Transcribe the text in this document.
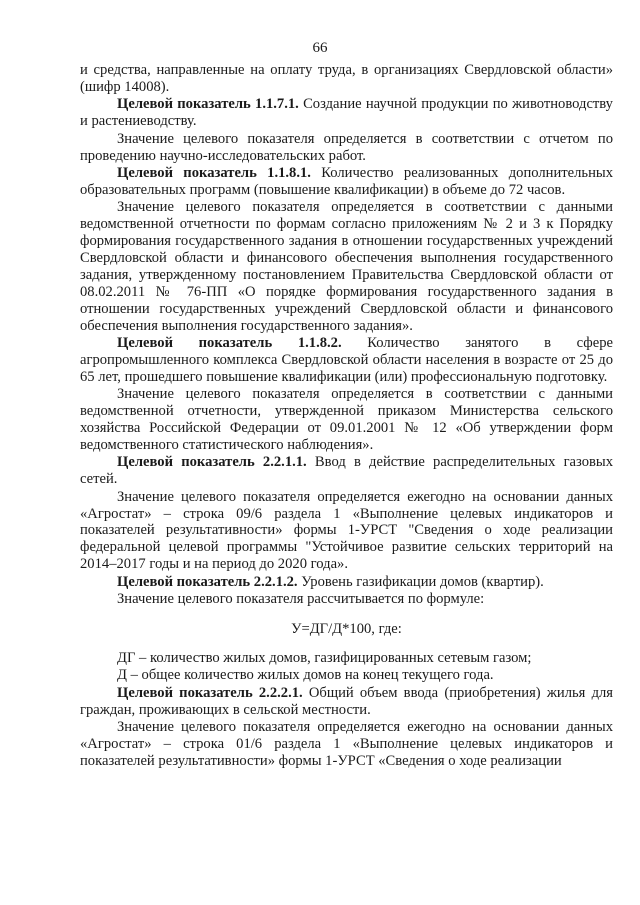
66

и средства, направленные на оплату труда, в организациях Свердловской области» (шифр 14008).

Целевой показатель 1.1.7.1. Создание научной продукции по животноводству и растениеводству.

Значение целевого показателя определяется в соответствии с отчетом по проведению научно-исследовательских работ.

Целевой показатель 1.1.8.1. Количество реализованных дополнительных образовательных программ (повышение квалификации) в объеме до 72 часов.

Значение целевого показателя определяется в соответствии с данными ведомственной отчетности по формам согласно приложениям № 2 и 3 к Порядку формирования государственного задания в отношении государственных учреждений Свердловской области и финансового обеспечения выполнения государственного задания, утвержденному постановлением Правительства Свердловской области от 08.02.2011 № 76-ПП «О порядке формирования государственного задания в отношении государственных учреждений Свердловской области и финансового обеспечения выполнения государственного задания».

Целевой показатель 1.1.8.2. Количество занятого в сфере агропромышленного комплекса Свердловской области населения в возрасте от 25 до 65 лет, прошедшего повышение квалификации (или) профессиональную подготовку.

Значение целевого показателя определяется в соответствии с данными ведомственной отчетности, утвержденной приказом Министерства сельского хозяйства Российской Федерации от 09.01.2001 № 12 «Об утверждении форм ведомственного статистического наблюдения».

Целевой показатель 2.2.1.1. Ввод в действие распределительных газовых сетей.

Значение целевого показателя определяется ежегодно на основании данных «Агростат» – строка 09/6 раздела 1 «Выполнение целевых индикаторов и показателей результативности» формы 1-УРСТ "Сведения о ходе реализации федеральной целевой программы "Устойчивое развитие сельских территорий на 2014–2017 годы и на период до 2020 года».

Целевой показатель 2.2.1.2. Уровень газификации домов (квартир).

Значение целевого показателя рассчитывается по формуле:

У=ДГ/Д*100, где:

ДГ – количество жилых домов, газифицированных сетевым газом;

Д – общее количество жилых домов на конец текущего года.

Целевой показатель 2.2.2.1. Общий объем ввода (приобретения) жилья для граждан, проживающих в сельской местности.

Значение целевого показателя определяется ежегодно на основании данных «Агростат» – строка 01/6 раздела 1 «Выполнение целевых индикаторов и показателей результативности» формы 1-УРСТ «Сведения о ходе реализации
